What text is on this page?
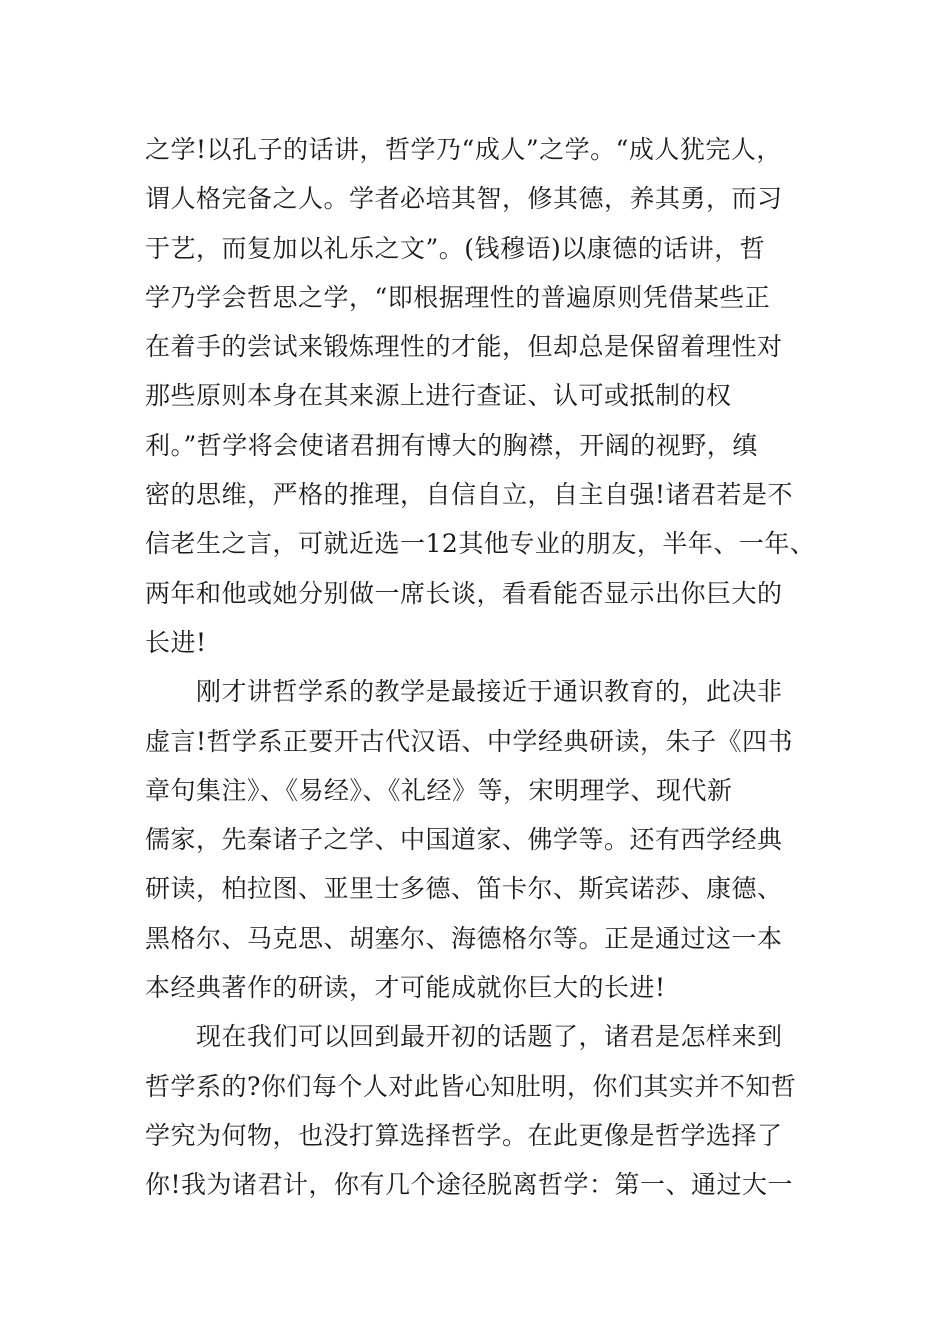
之学!以孔子的话讲，哲学乃“成人”之学。“成人犹完人，
谓人格完备之人。学者必培其智，修其德，养其勇，而习
于艺，而复加以礼乐之文”。(钱穆语)以康德的话讲，哲
学乃学会哲思之学，“即根据理性的普遍原则凭借某些正
在着手的尝试来锻炼理性的才能，但却总是保留着理性对
那些原则本身在其来源上进行查证、认可或抵制的权
利。”哲学将会使诸君拥有博大的胸襟，开阔的视野，缜
密的思维，严格的推理，自信自立，自主自强!诸君若是不
信老生之言，可就近选一12其他专业的朋友，半年、一年、
两年和他或她分别做一席长谈，看看能否显示出你巨大的
长进!
　　刚才讲哲学系的教学是最接近于通识教育的，此决非
虚言!哲学系正要开古代汉语、中学经典研读，朱子《四书
章句集注》、《易经》、《礼经》等，宋明理学、现代新
儒家，先秦诸子之学、中国道家、佛学等。还有西学经典
研读，柏拉图、亚里士多德、笛卡尔、斯宾诺莎、康德、
黑格尔、马克思、胡塞尔、海德格尔等。正是通过这一本
本经典著作的研读，才可能成就你巨大的长进!
　　现在我们可以回到最开初的话题了，诸君是怎样来到
哲学系的?你们每个人对此皆心知肚明，你们其实并不知哲
学究为何物，也没打算选择哲学。在此更像是哲学选择了
你!我为诸君计，你有几个途径脱离哲学：第一、通过大一
